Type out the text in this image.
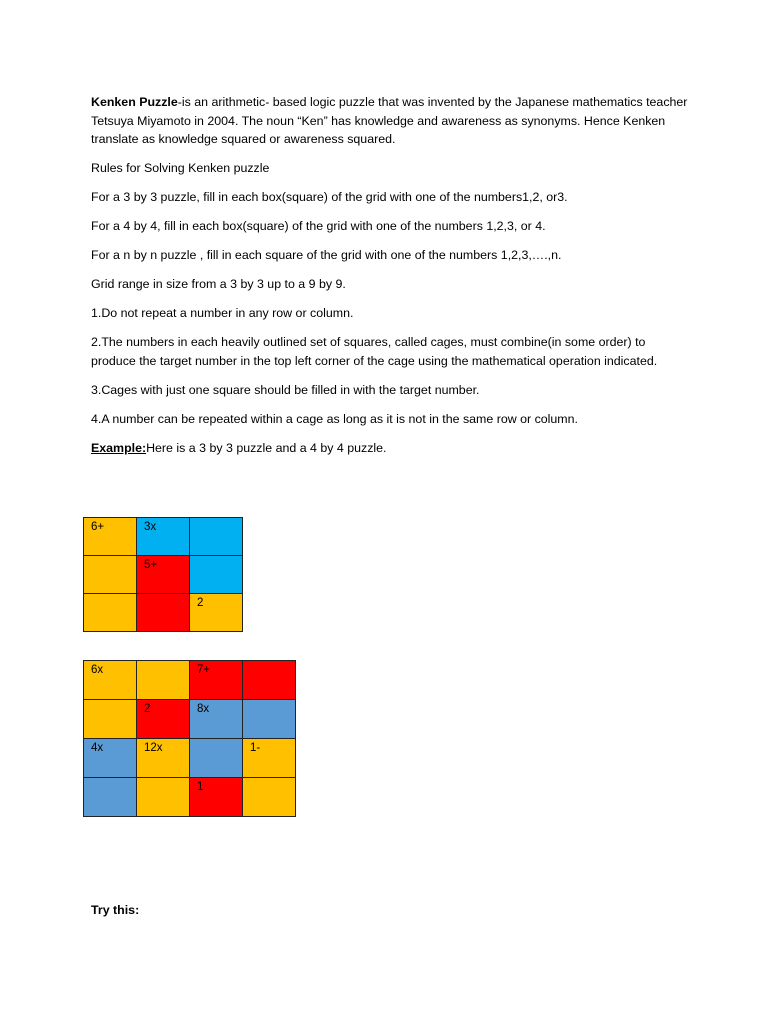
Kenken Puzzle-is an arithmetic- based logic puzzle that was invented by the Japanese mathematics teacher Tetsuya Miyamoto in 2004. The noun “Ken” has knowledge and awareness as synonyms. Hence Kenken translate as knowledge squared or awareness squared.

Rules for Solving Kenken puzzle

For a 3 by 3 puzzle, fill in each box(square) of the grid with one of the numbers1,2, or3.

For a 4 by 4, fill in each box(square) of the grid with one of the numbers 1,2,3, or 4.

For a n by n puzzle , fill in each square of the grid with one of the numbers 1,2,3,….,n.

Grid range in size from a 3 by 3 up to a 9 by 9.

1.Do not repeat a number in any row or column.

2.The numbers in each heavily outlined set of squares, called cages, must combine(in some order) to produce the target number in the top left corner of the cage using the mathematical operation indicated.

3.Cages with just one square should be filled in with the target number.

4.A number can be repeated within a cage as long as it is not in the same row or column.

Example:Here is a 3 by 3 puzzle and a 4 by 4 puzzle.

6+	3x	

	5+	

		2
6x		7+	

	2	8x	

4x	12x		1-

		1	

Try this:
